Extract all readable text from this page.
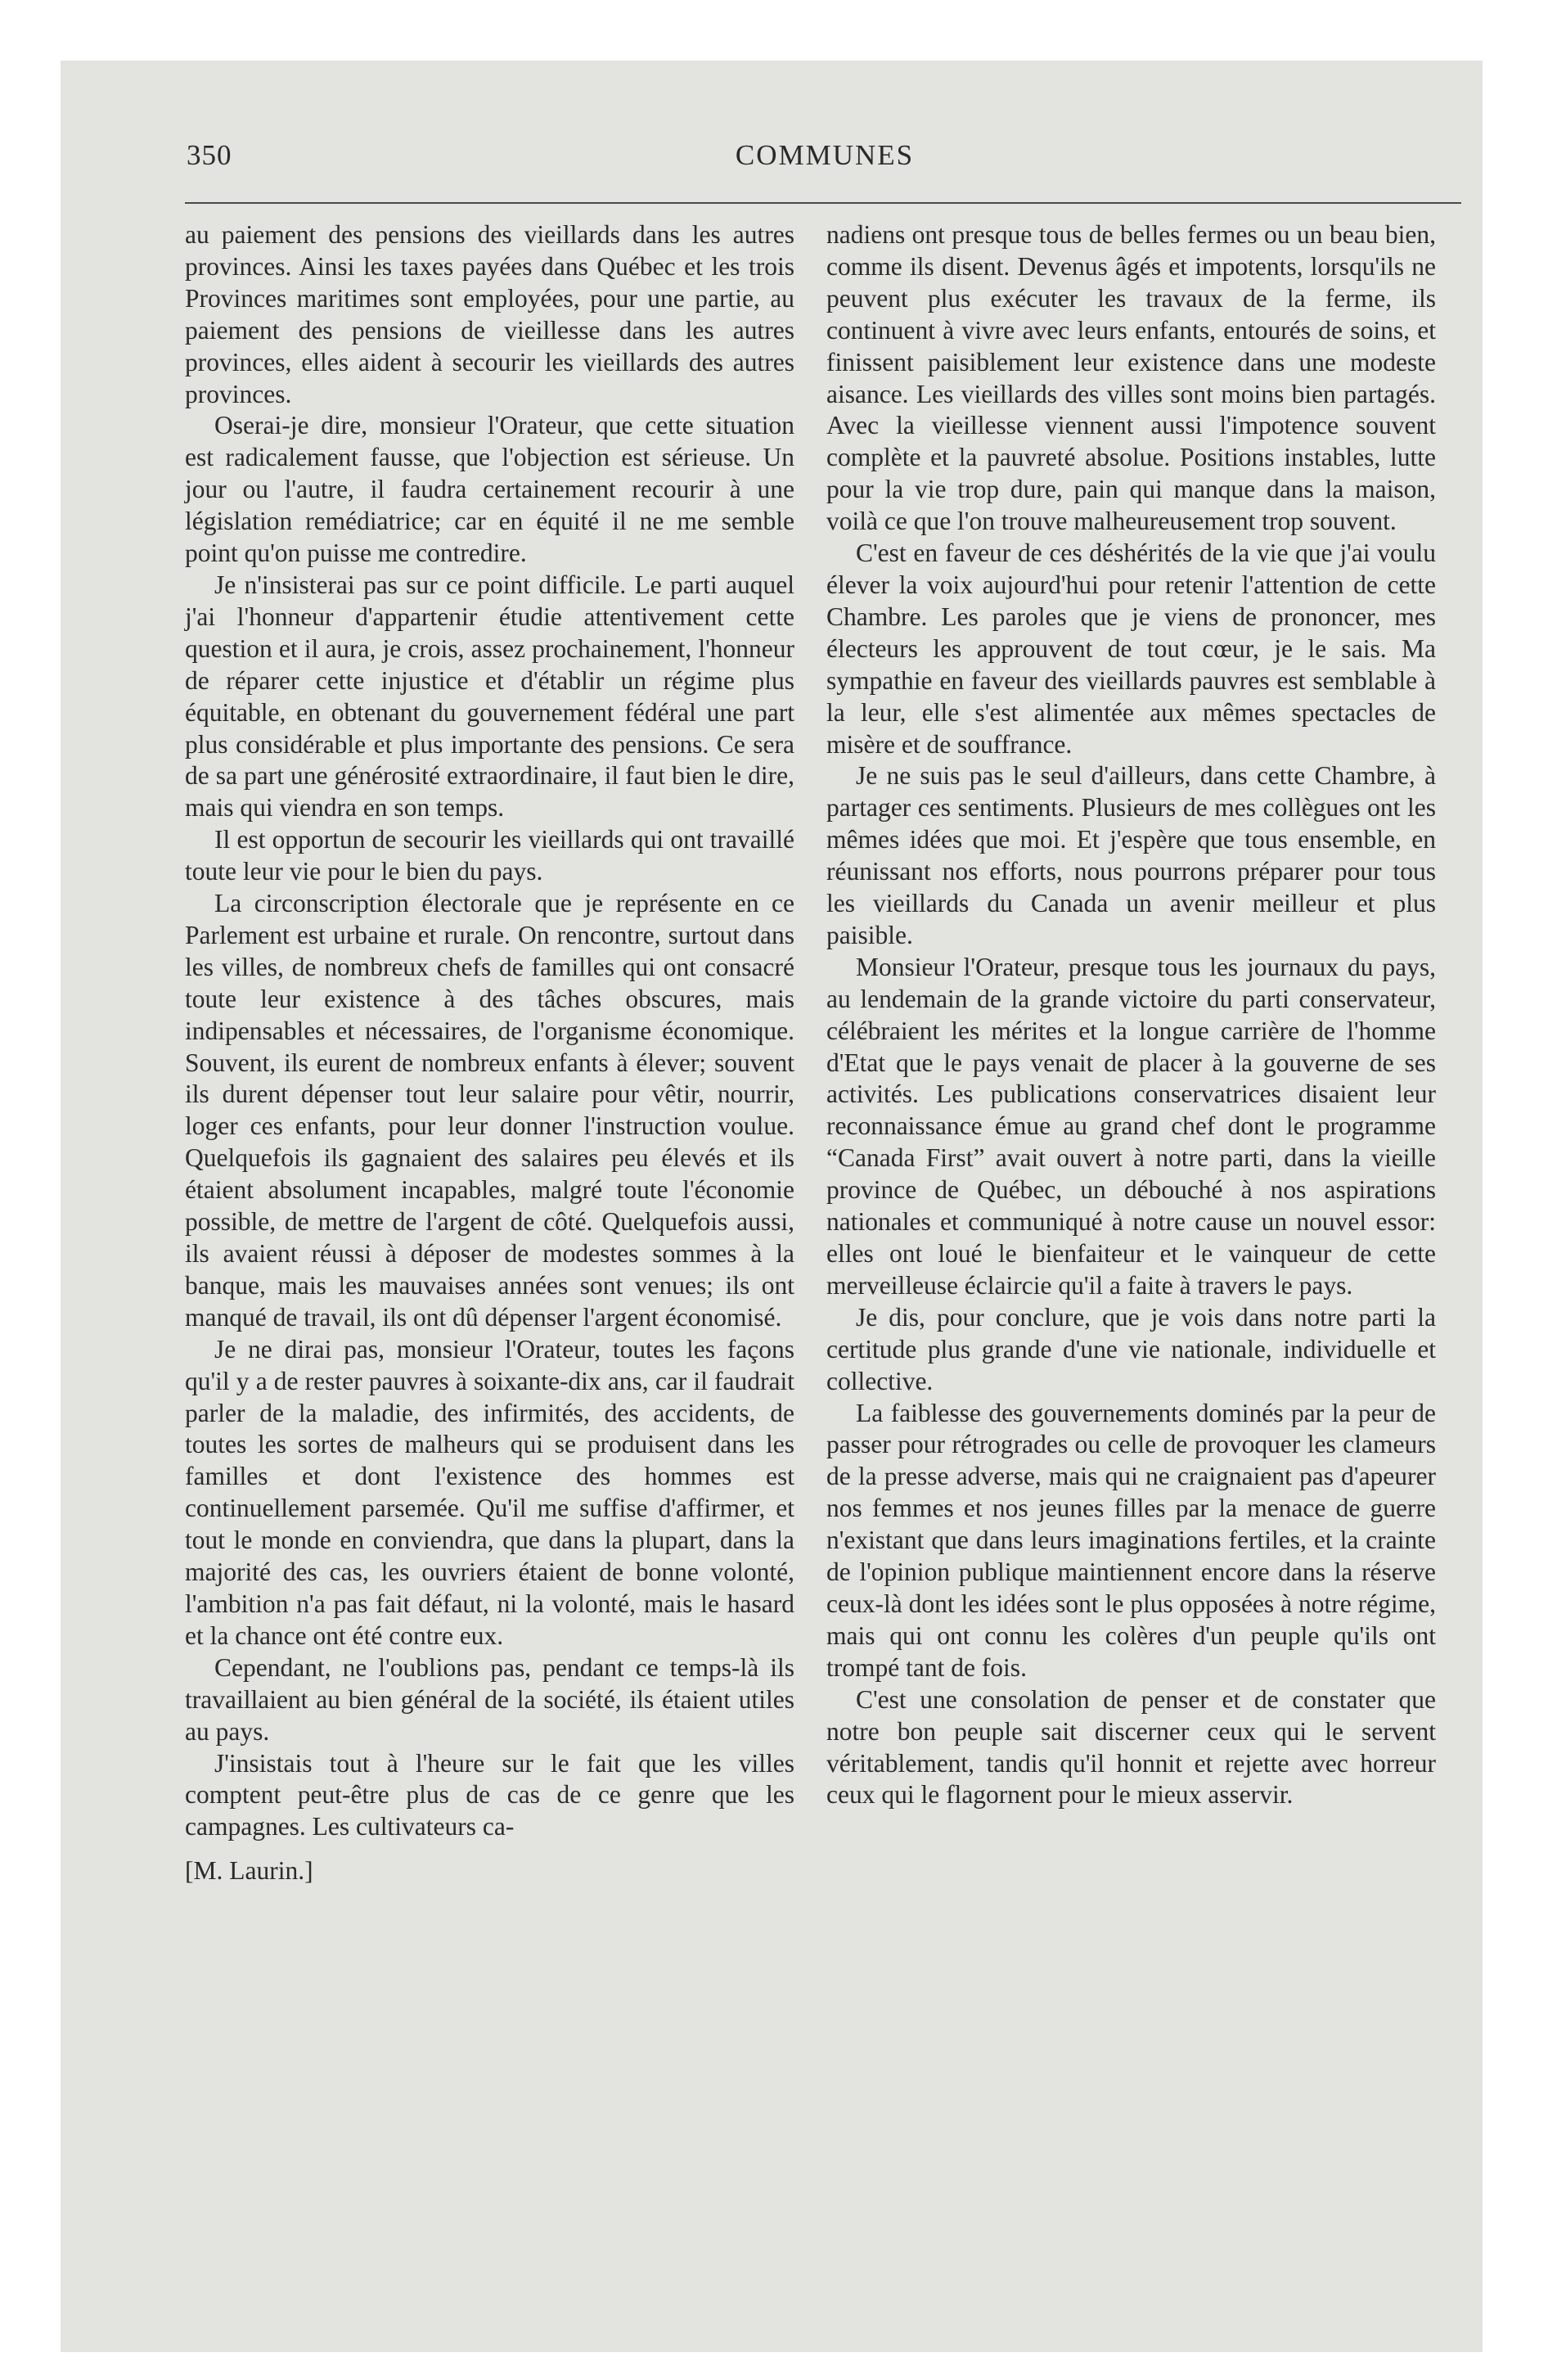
350	COMMUNES

au paiement des pensions des vieillards dans les autres provinces. Ainsi les taxes payées dans Québec et les trois Provinces maritimes sont employées, pour une partie, au paiement des pensions de vieillesse dans les autres provinces, elles aident à secourir les vieillards des autres provinces.

Oserai-je dire, monsieur l'Orateur, que cette situation est radicalement fausse, que l'objection est sérieuse. Un jour ou l'autre, il faudra certainement recourir à une législation remédiatrice; car en équité il ne me semble point qu'on puisse me contredire.

Je n'insisterai pas sur ce point difficile. Le parti auquel j'ai l'honneur d'appartenir étudie attentivement cette question et il aura, je crois, assez prochainement, l'honneur de réparer cette injustice et d'établir un régime plus équitable, en obtenant du gouvernement fédéral une part plus considérable et plus importante des pensions. Ce sera de sa part une générosité extraordinaire, il faut bien le dire, mais qui viendra en son temps.

Il est opportun de secourir les vieillards qui ont travaillé toute leur vie pour le bien du pays.

La circonscription électorale que je représente en ce Parlement est urbaine et rurale. On rencontre, surtout dans les villes, de nombreux chefs de familles qui ont consacré toute leur existence à des tâches obscures, mais indipensables et nécessaires, de l'organisme économique. Souvent, ils eurent de nombreux enfants à élever; souvent ils durent dépenser tout leur salaire pour vêtir, nourrir, loger ces enfants, pour leur donner l'instruction voulue. Quelquefois ils gagnaient des salaires peu élevés et ils étaient absolument incapables, malgré toute l'économie possible, de mettre de l'argent de côté. Quelquefois aussi, ils avaient réussi à déposer de modestes sommes à la banque, mais les mauvaises années sont venues; ils ont manqué de travail, ils ont dû dépenser l'argent économisé.

Je ne dirai pas, monsieur l'Orateur, toutes les façons qu'il y a de rester pauvres à soixante-dix ans, car il faudrait parler de la maladie, des infirmités, des accidents, de toutes les sortes de malheurs qui se produisent dans les familles et dont l'existence des hommes est continuellement parsemée. Qu'il me suffise d'affirmer, et tout le monde en conviendra, que dans la plupart, dans la majorité des cas, les ouvriers étaient de bonne volonté, l'ambition n'a pas fait défaut, ni la volonté, mais le hasard et la chance ont été contre eux.

Cependant, ne l'oublions pas, pendant ce temps-là ils travaillaient au bien général de la société, ils étaient utiles au pays.

J'insistais tout à l'heure sur le fait que les villes comptent peut-être plus de cas de ce genre que les campagnes. Les cultivateurs ca-

[M. Laurin.]

nadiens ont presque tous de belles fermes ou un beau bien, comme ils disent. Devenus âgés et impotents, lorsqu'ils ne peuvent plus exécuter les travaux de la ferme, ils continuent à vivre avec leurs enfants, entourés de soins, et finissent paisiblement leur existence dans une modeste aisance. Les vieillards des villes sont moins bien partagés. Avec la vieillesse viennent aussi l'impotence souvent complète et la pauvreté absolue. Positions instables, lutte pour la vie trop dure, pain qui manque dans la maison, voilà ce que l'on trouve malheureusement trop souvent.

C'est en faveur de ces déshérités de la vie que j'ai voulu élever la voix aujourd'hui pour retenir l'attention de cette Chambre. Les paroles que je viens de prononcer, mes électeurs les approuvent de tout cœur, je le sais. Ma sympathie en faveur des vieillards pauvres est semblable à la leur, elle s'est alimentée aux mêmes spectacles de misère et de souffrance.

Je ne suis pas le seul d'ailleurs, dans cette Chambre, à partager ces sentiments. Plusieurs de mes collègues ont les mêmes idées que moi. Et j'espère que tous ensemble, en réunissant nos efforts, nous pourrons préparer pour tous les vieillards du Canada un avenir meilleur et plus paisible.

Monsieur l'Orateur, presque tous les journaux du pays, au lendemain de la grande victoire du parti conservateur, célébraient les mérites et la longue carrière de l'homme d'Etat que le pays venait de placer à la gouverne de ses activités. Les publications conservatrices disaient leur reconnaissance émue au grand chef dont le programme “Canada First” avait ouvert à notre parti, dans la vieille province de Québec, un débouché à nos aspirations nationales et communiqué à notre cause un nouvel essor: elles ont loué le bienfaiteur et le vainqueur de cette merveilleuse éclaircie qu'il a faite à travers le pays.

Je dis, pour conclure, que je vois dans notre parti la certitude plus grande d'une vie nationale, individuelle et collective.

La faiblesse des gouvernements dominés par la peur de passer pour rétrogrades ou celle de provoquer les clameurs de la presse adverse, mais qui ne craignaient pas d'apeurer nos femmes et nos jeunes filles par la menace de guerre n'existant que dans leurs imaginations fertiles, et la crainte de l'opinion publique maintiennent encore dans la réserve ceux-là dont les idées sont le plus opposées à notre régime, mais qui ont connu les colères d'un peuple qu'ils ont trompé tant de fois.

C'est une consolation de penser et de constater que notre bon peuple sait discerner ceux qui le servent véritablement, tandis qu'il honnit et rejette avec horreur ceux qui le flagornent pour le mieux asservir.
